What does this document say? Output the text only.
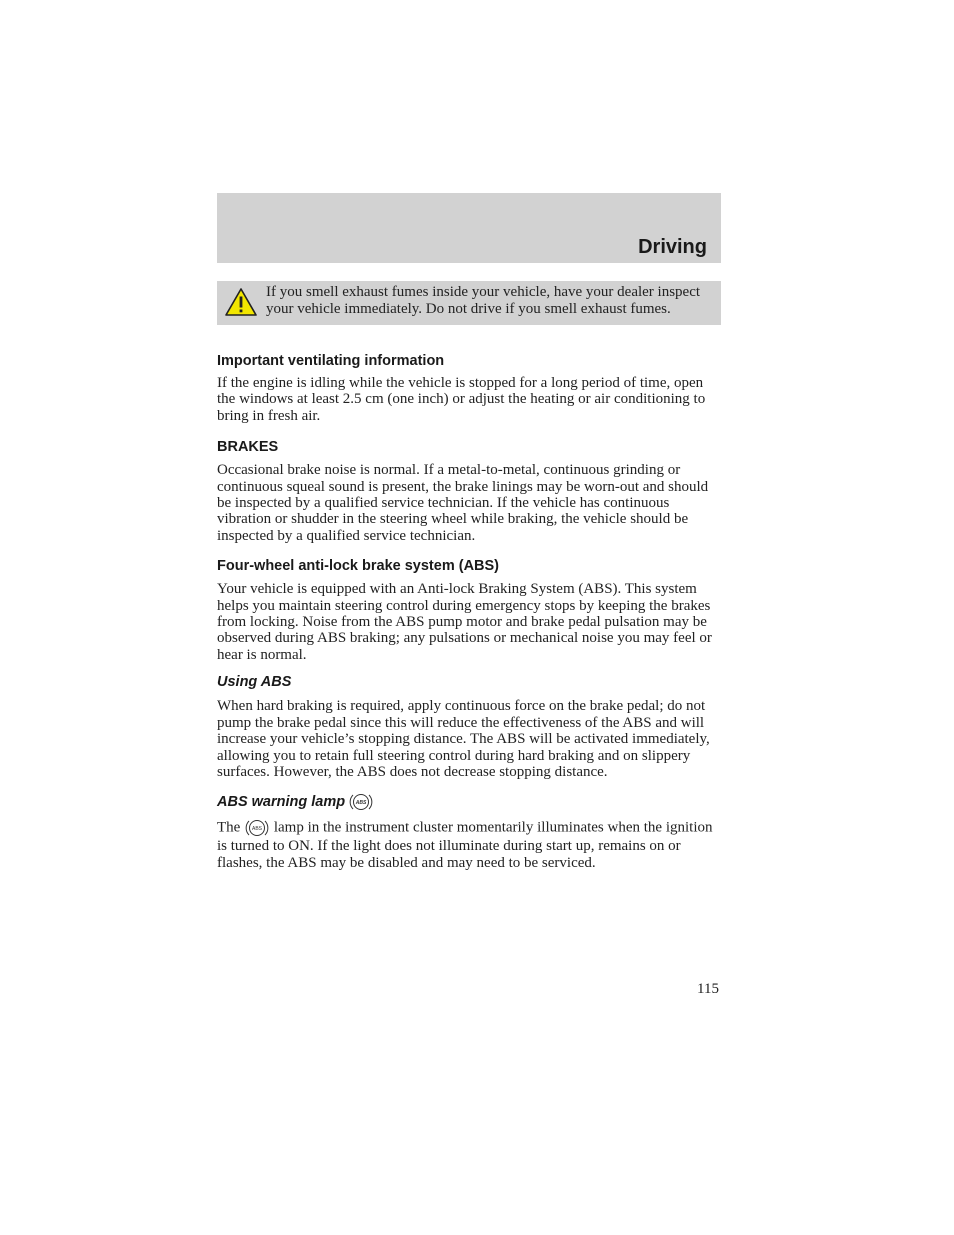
Driving
If you smell exhaust fumes inside your vehicle, have your dealer inspect your vehicle immediately. Do not drive if you smell exhaust fumes.
Important ventilating information

If the engine is idling while the vehicle is stopped for a long period of time, open the windows at least 2.5 cm (one inch) or adjust the heating or air conditioning to bring in fresh air.

BRAKES

Occasional brake noise is normal. If a metal-to-metal, continuous grinding or continuous squeal sound is present, the brake linings may be worn-out and should be inspected by a qualified service technician. If the vehicle has continuous vibration or shudder in the steering wheel while braking, the vehicle should be inspected by a qualified service technician.

Four-wheel anti-lock brake system (ABS)

Your vehicle is equipped with an Anti-lock Braking System (ABS). This system helps you maintain steering control during emergency stops by keeping the brakes from locking. Noise from the ABS pump motor and brake pedal pulsation may be observed during ABS braking; any pulsations or mechanical noise you may feel or hear is normal.

Using ABS

When hard braking is required, apply continuous force on the brake pedal; do not pump the brake pedal since this will reduce the effectiveness of the ABS and will increase your vehicle’s stopping distance. The ABS will be activated immediately, allowing you to retain full steering control during hard braking and on slippery surfaces. However, the ABS does not decrease stopping distance.

ABS warning lamp ABS

The ABS lamp in the instrument cluster momentarily illuminates when the ignition is turned to ON. If the light does not illuminate during start up, remains on or flashes, the ABS may be disabled and may need to be serviced.

115
